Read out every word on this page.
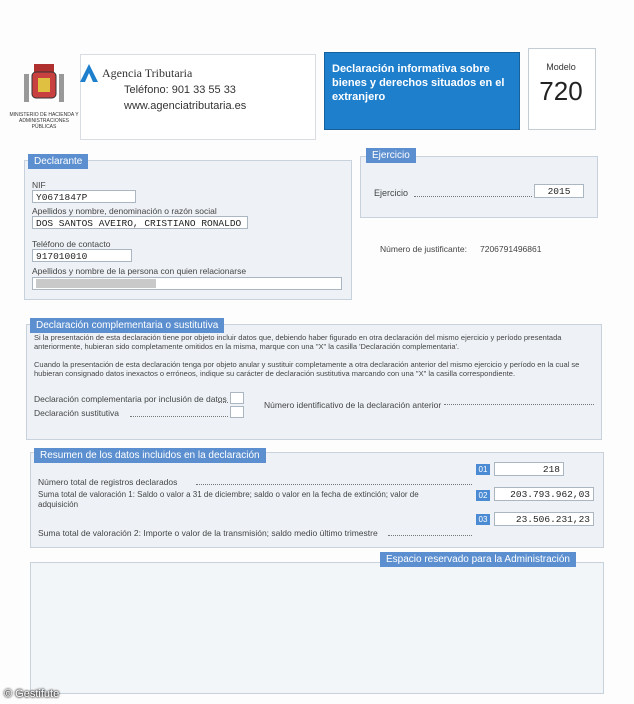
MINISTERIO DE HACIENDA Y ADMINISTRACIONES PÚBLICAS
Agencia Tributaria
Teléfono: 901 33 55 33
www.agenciatributaria.es
Declaración informativa sobre bienes y derechos situados en el extranjero
Modelo
720
Declarante
NIF
Y0671847P
Apellidos y nombre, denominación o razón social
DOS SANTOS AVEIRO, CRISTIANO RONALDO
Teléfono de contacto
917010010
Apellidos y nombre de la persona con quien relacionarse
Ejercicio
Ejercicio	2015
Número de justificante: 7206791496861
Declaración complementaria o sustitutiva
Si la presentación de esta declaración tiene por objeto incluir datos que, debiendo haber figurado en otra declaración del mismo ejercicio y período presentada anteriormente, hubieran sido completamente omitidos en la misma, marque con una "X" la casilla 'Declaración complementaria'.
Cuando la presentación de esta declaración tenga por objeto anular y sustituir completamente a otra declaración anterior del mismo ejercicio y período en la cual se hubieran consignado datos inexactos o erróneos, indique su carácter de declaración sustitutiva marcando con una "X" la casilla correspondiente.
Declaración complementaria por inclusión de datos
Declaración sustitutiva
Número identificativo de la declaración anterior
Resumen de los datos incluidos en la declaración
Número total de registros declarados
01	218
Suma total de valoración 1: Saldo o valor a 31 de diciembre; saldo o valor en la fecha de extinción; valor de adquisición
02	203.793.962,03
Suma total de valoración 2: Importe o valor de la transmisión; saldo medio último trimestre
03	23.506.231,23
Espacio reservado para la Administración
© Gestifute
